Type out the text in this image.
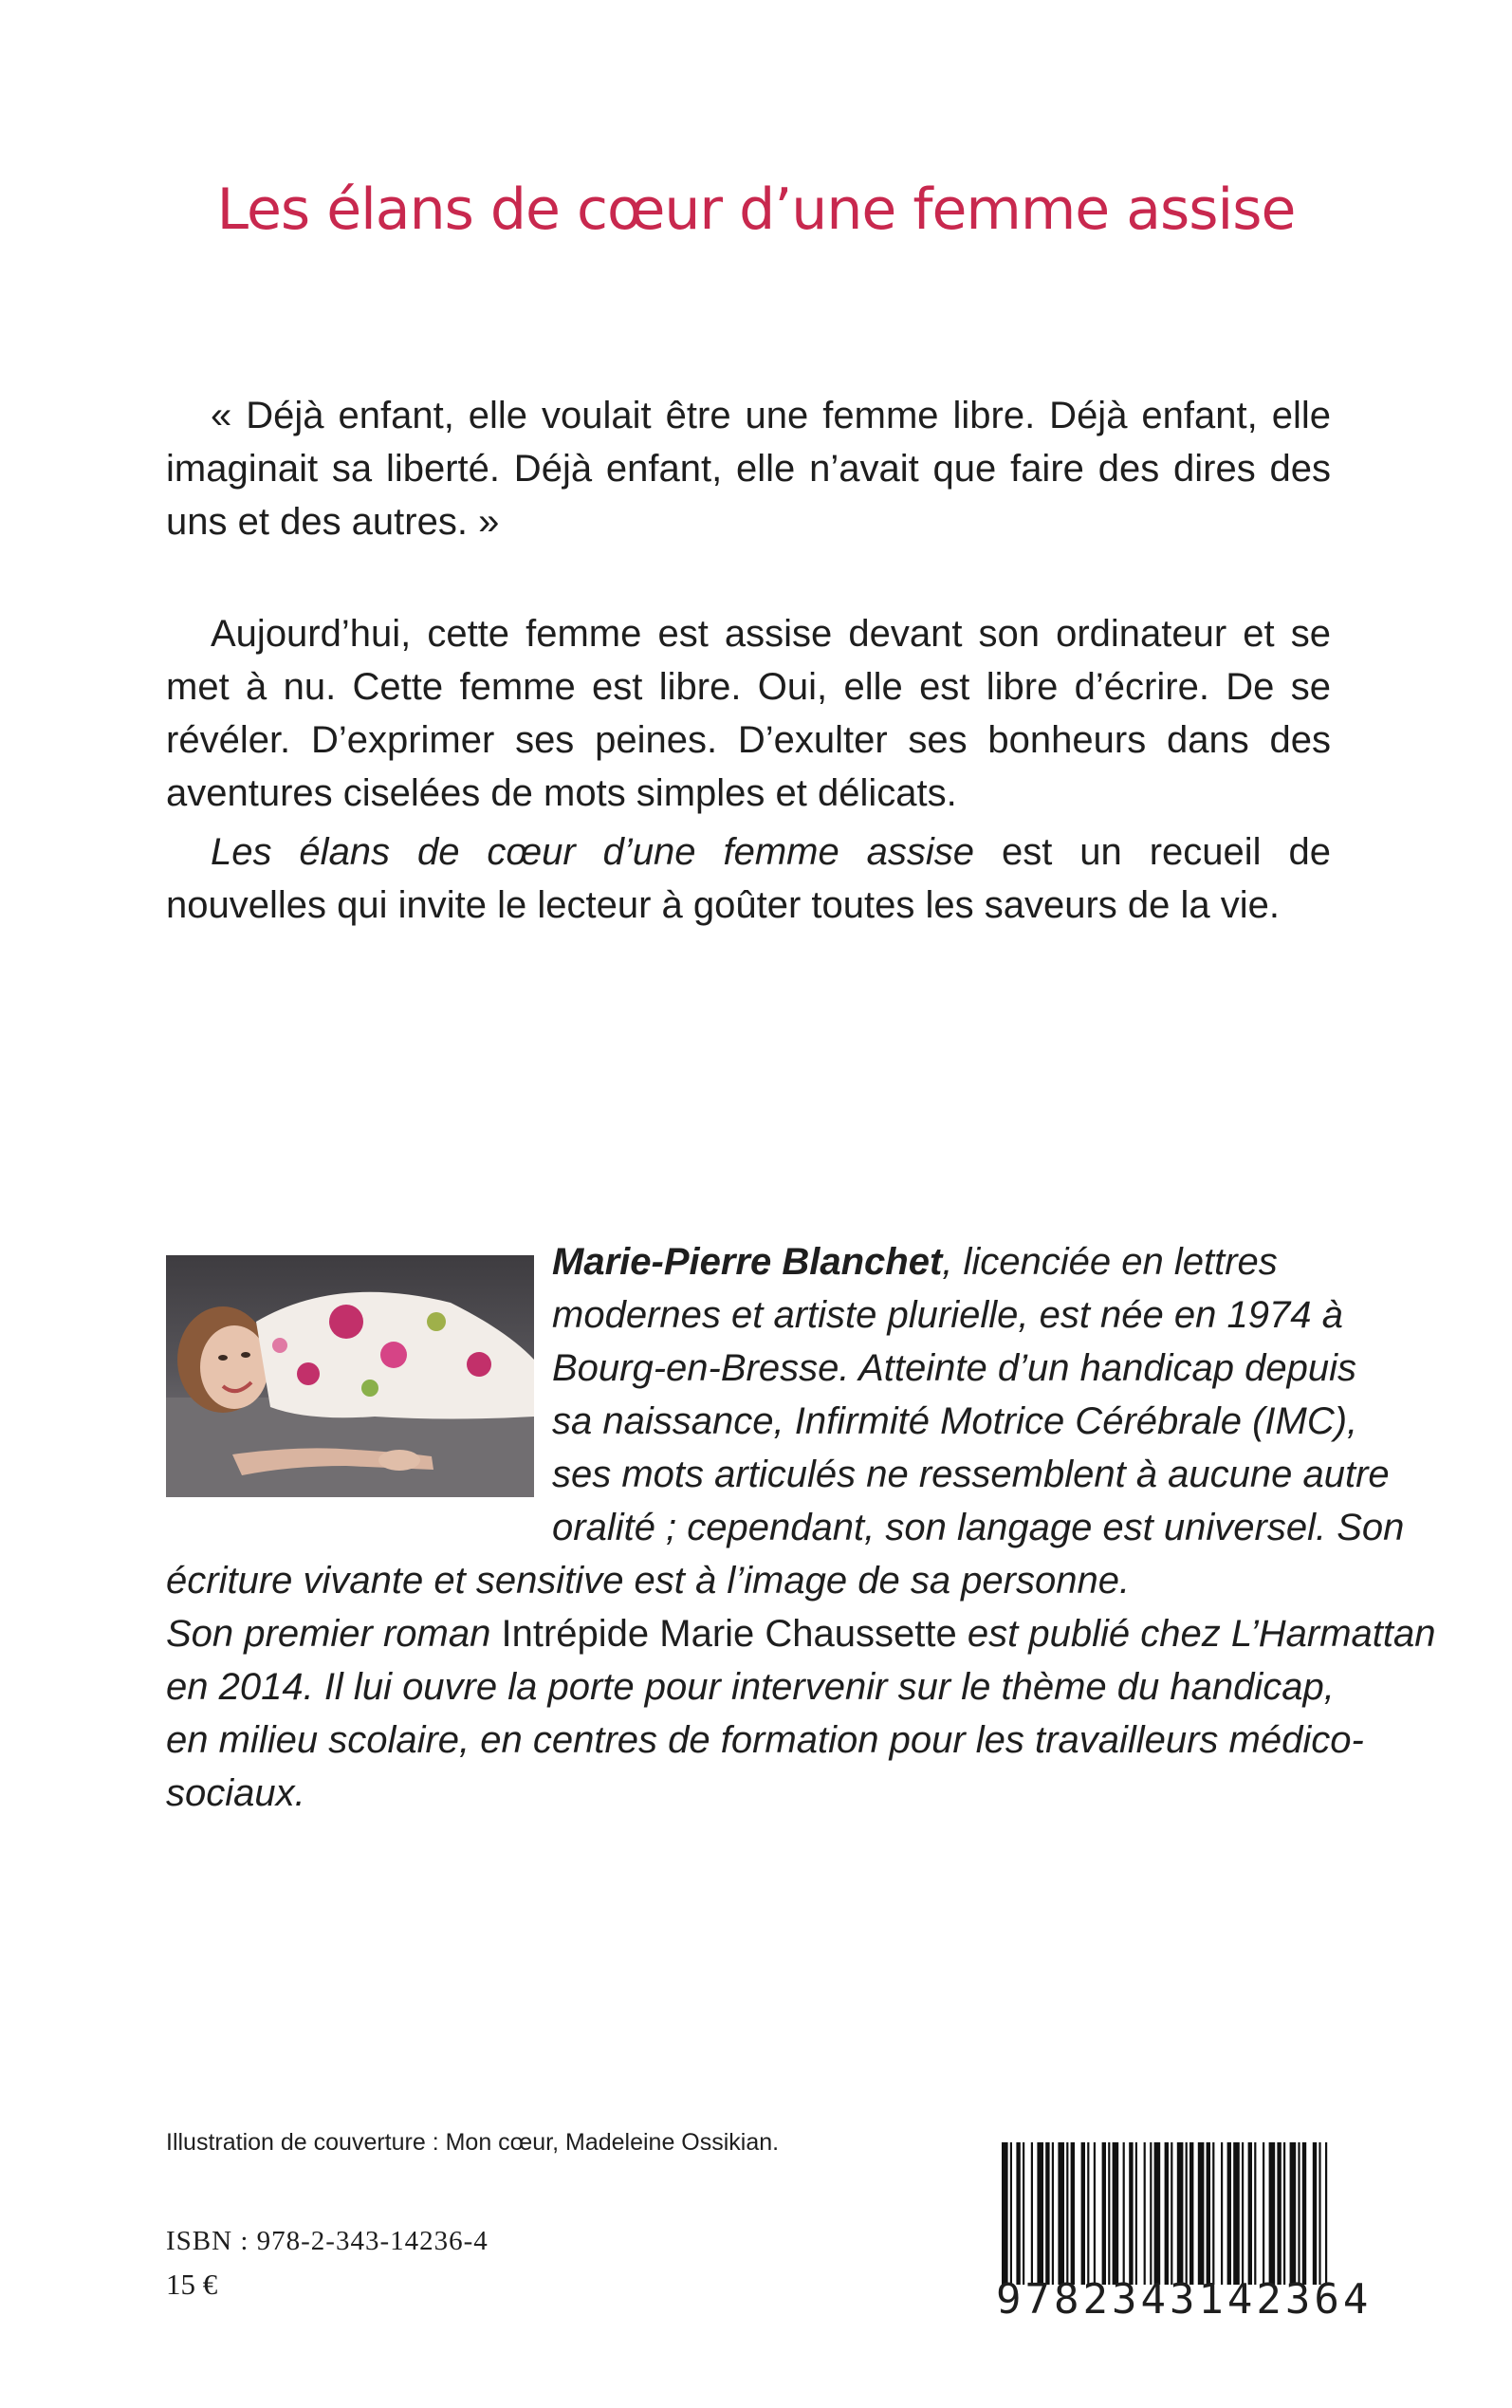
Les élans de cœur d’une femme assise

« Déjà enfant, elle voulait être une femme libre. Déjà enfant, elle imaginait sa liberté. Déjà enfant, elle n’avait que faire des dires des uns et des autres. »

Aujourd’hui, cette femme est assise devant son ordinateur et se met à nu. Cette femme est libre. Oui, elle est libre d’écrire. De se révéler. D’exprimer ses peines. D’exulter ses bonheurs dans des aventures ciselées de mots simples et délicats.

Les élans de cœur d’une femme assise est un recueil de nouvelles qui invite le lecteur à goûter toutes les saveurs de la vie.

Marie-Pierre Blanchet, licenciée en lettres

modernes et artiste plurielle, est née en 1974 à

Bourg-en-Bresse. Atteinte d’un handicap depuis

sa naissance, Infirmité Motrice Cérébrale (IMC),

ses mots articulés ne ressemblent à aucune autre

oralité ; cependant, son langage est universel. Son

écriture vivante et sensitive est à l’image de sa personne.

Son premier roman Intrépide Marie Chaussette est publié chez L’Harmattan

en 2014. Il lui ouvre la porte pour intervenir sur le thème du handicap,

en milieu scolaire, en centres de formation pour les travailleurs médico-

sociaux.

Illustration de couverture : Mon cœur, Madeleine Ossikian.

ISBN : 978-2-343-14236-4

15 €	9782343142364
